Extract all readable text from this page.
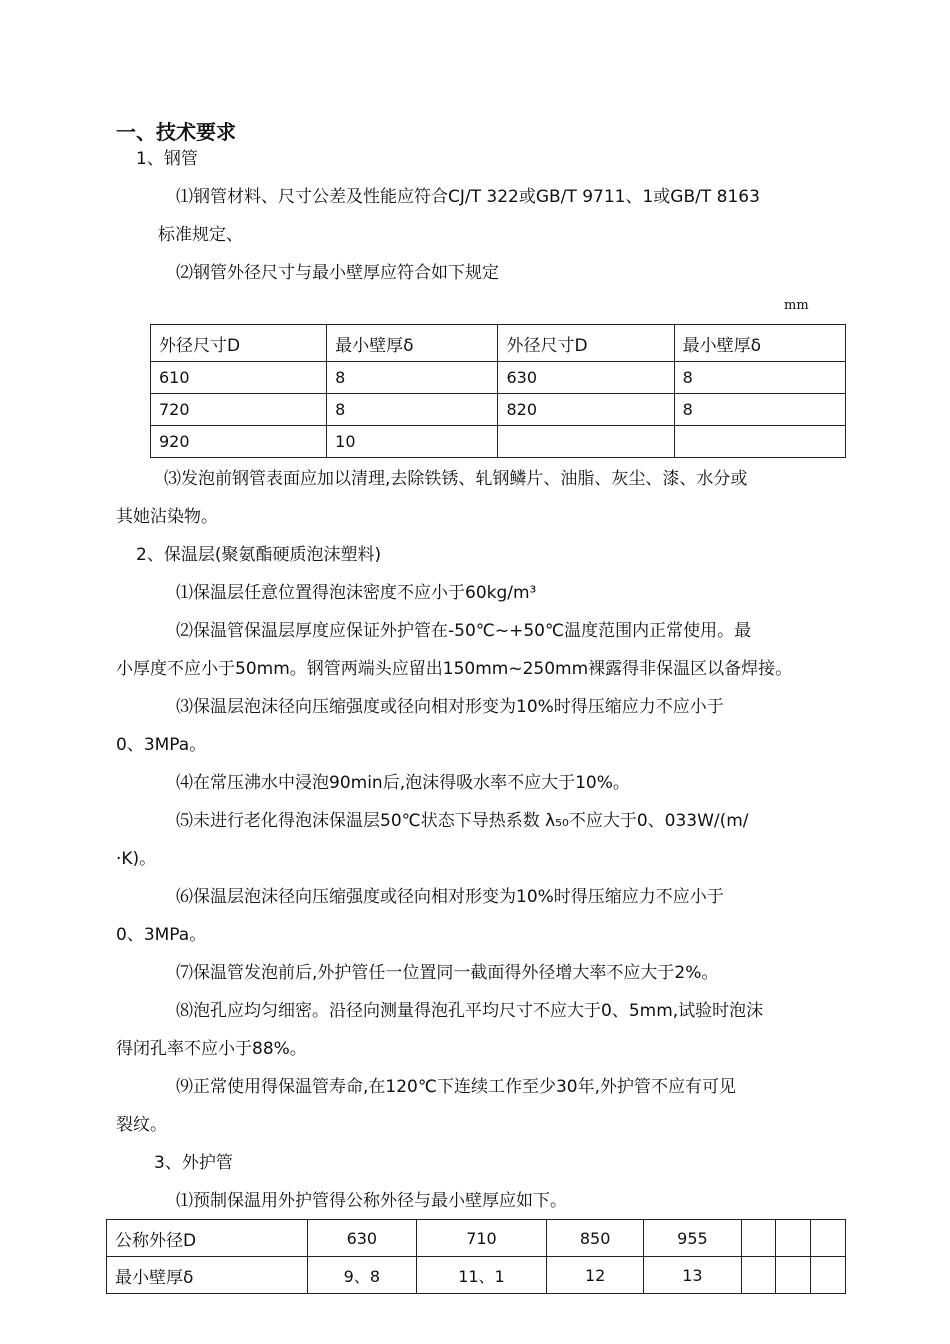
一、技术要求
1、钢管
⑴钢管材料、尺寸公差及性能应符合CJ/T 322或GB/T 9711、1或GB/T 8163
标准规定、
⑵钢管外径尺寸与最小壁厚应符合如下规定
mm
外径尺寸D	最小壁厚δ	外径尺寸D	最小壁厚δ
610	8	630	8
720	8	820	8
920	10		
⑶发泡前钢管表面应加以清理,去除铁锈、轧钢鳞片、油脂、灰尘、漆、水分或
其她沾染物。
2、保温层(聚氨酯硬质泡沫塑料)
⑴保温层任意位置得泡沫密度不应小于60kg/m³
⑵保温管保温层厚度应保证外护管在-50℃~+50℃温度范围内正常使用。最
小厚度不应小于50mm。钢管两端头应留出150mm~250mm裸露得非保温区以备焊接。
⑶保温层泡沫径向压缩强度或径向相对形变为10%时得压缩应力不应小于
0、3MPa。
⑷在常压沸水中浸泡90min后,泡沫得吸水率不应大于10%。
⑸未进行老化得泡沫保温层50℃状态下导热系数 λ₅₀不应大于0、033W/(m/
·K)。
⑹保温层泡沫径向压缩强度或径向相对形变为10%时得压缩应力不应小于
0、3MPa。
⑺保温管发泡前后,外护管任一位置同一截面得外径增大率不应大于2%。
⑻泡孔应均匀细密。沿径向测量得泡孔平均尺寸不应大于0、5mm,试验时泡沫
得闭孔率不应小于88%。
⑼正常使用得保温管寿命,在120℃下连续工作至少30年,外护管不应有可见
裂纹。
3、外护管
⑴预制保温用外护管得公称外径与最小壁厚应如下。
公称外径D	630	710	850	955			
最小壁厚δ	9、8	11、1	12	13			
